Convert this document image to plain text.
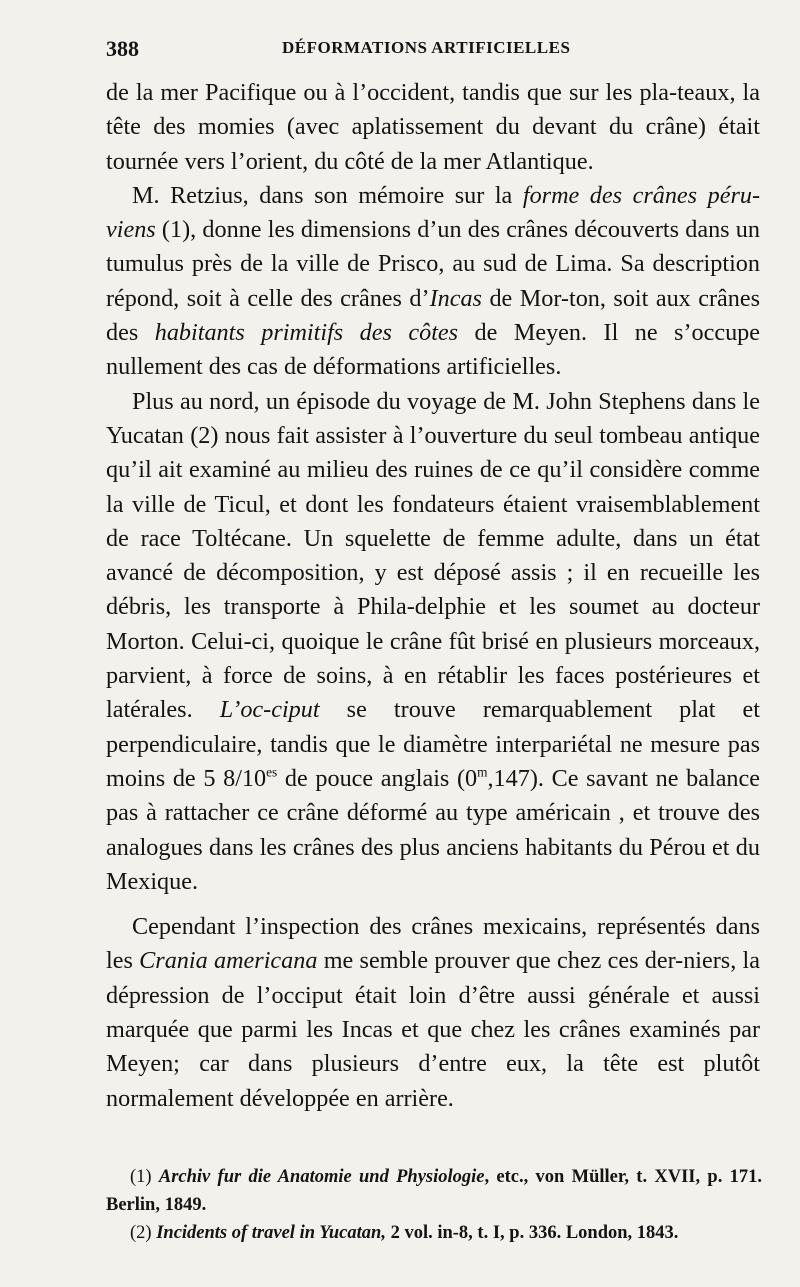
388	DÉFORMATIONS ARTIFICIELLES

de la mer Pacifique ou à l’occident, tandis que sur les pla-teaux, la tête des momies (avec aplatissement du devant du crâne) était tournée vers l’orient, du côté de la mer Atlantique.

M. Retzius, dans son mémoire sur la forme des crânes péru-viens (1), donne les dimensions d’un des crânes découverts dans un tumulus près de la ville de Prisco, au sud de Lima. Sa description répond, soit à celle des crânes d’Incas de Mor-ton, soit aux crânes des habitants primitifs des côtes de Meyen. Il ne s’occupe nullement des cas de déformations artificielles.

Plus au nord, un épisode du voyage de M. John Stephens dans le Yucatan (2) nous fait assister à l’ouverture du seul tombeau antique qu’il ait examiné au milieu des ruines de ce qu’il considère comme la ville de Ticul, et dont les fondateurs étaient vraisemblablement de race Toltécane. Un squelette de femme adulte, dans un état avancé de décomposition, y est déposé assis ; il en recueille les débris, les transporte à Phila-delphie et les soumet au docteur Morton. Celui-ci, quoique le crâne fût brisé en plusieurs morceaux, parvient, à force de soins, à en rétablir les faces postérieures et latérales. L’oc-ciput se trouve remarquablement plat et perpendiculaire, tandis que le diamètre interpariétal ne mesure pas moins de 5 $8/10^{es}$ de pouce anglais (0$^m$,147). Ce savant ne balance pas à rattacher ce crâne déformé au type américain , et trouve des analogues dans les crânes des plus anciens habitants du Pérou et du Mexique.

Cependant l’inspection des crânes mexicains, représentés dans les Crania americana me semble prouver que chez ces der-niers, la dépression de l’occiput était loin d’être aussi générale et aussi marquée que parmi les Incas et que chez les crânes examinés par Meyen; car dans plusieurs d’entre eux, la tête est plutôt normalement développée en arrière.

(1) Archiv fur die Anatomie und Physiologie, etc., von Müller, t. XVII, p. 171. Berlin, 1849.

(2) Incidents of travel in Yucatan, 2 vol. in-8, t. I, p. 336. London, 1843.
